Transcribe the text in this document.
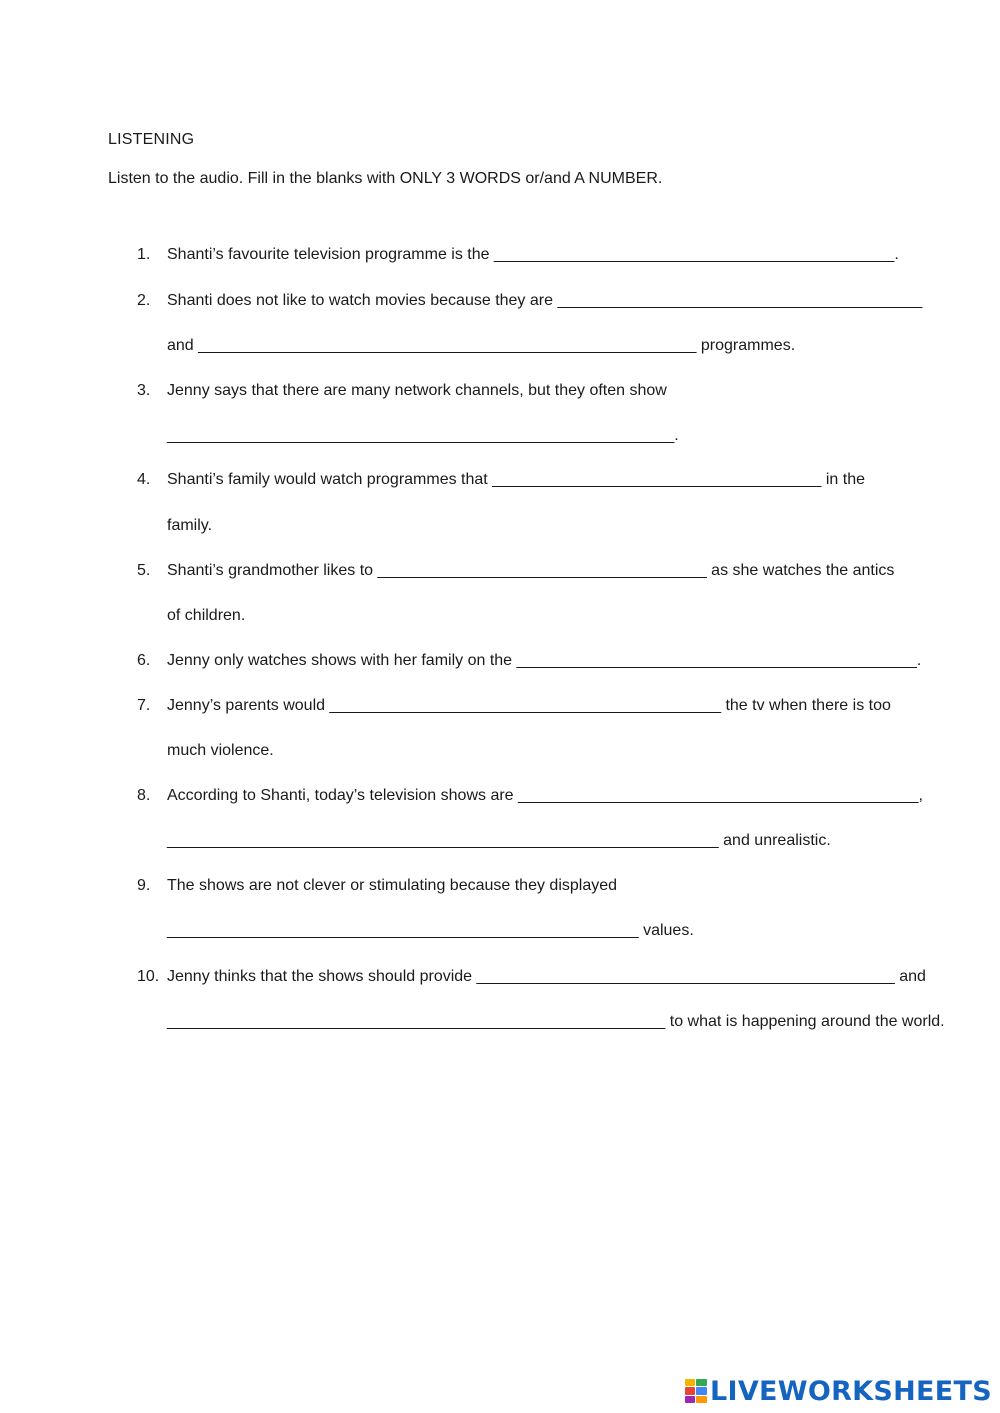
LISTENING
Listen to the audio. Fill in the blanks with ONLY 3 WORDS or/and A NUMBER.
1. Shanti’s favourite television programme is the _____________________________________________.
2. Shanti does not like to watch movies because they are _________________________________________
and ________________________________________________________ programmes.
3. Jenny says that there are many network channels, but they often show
_________________________________________________________.
4. Shanti’s family would watch programmes that _____________________________________ in the
family.
5. Shanti’s grandmother likes to _____________________________________ as she watches the antics
of children.
6. Jenny only watches shows with her family on the _____________________________________________.
7. Jenny’s parents would ____________________________________________ the tv when there is too
much violence.
8. According to Shanti, today’s television shows are _____________________________________________,
______________________________________________________________ and unrealistic.
9. The shows are not clever or stimulating because they displayed
_____________________________________________________ values.
10. Jenny thinks that the shows should provide _______________________________________________ and
________________________________________________________ to what is happening around the world.
LIVEWORKSHEETS
